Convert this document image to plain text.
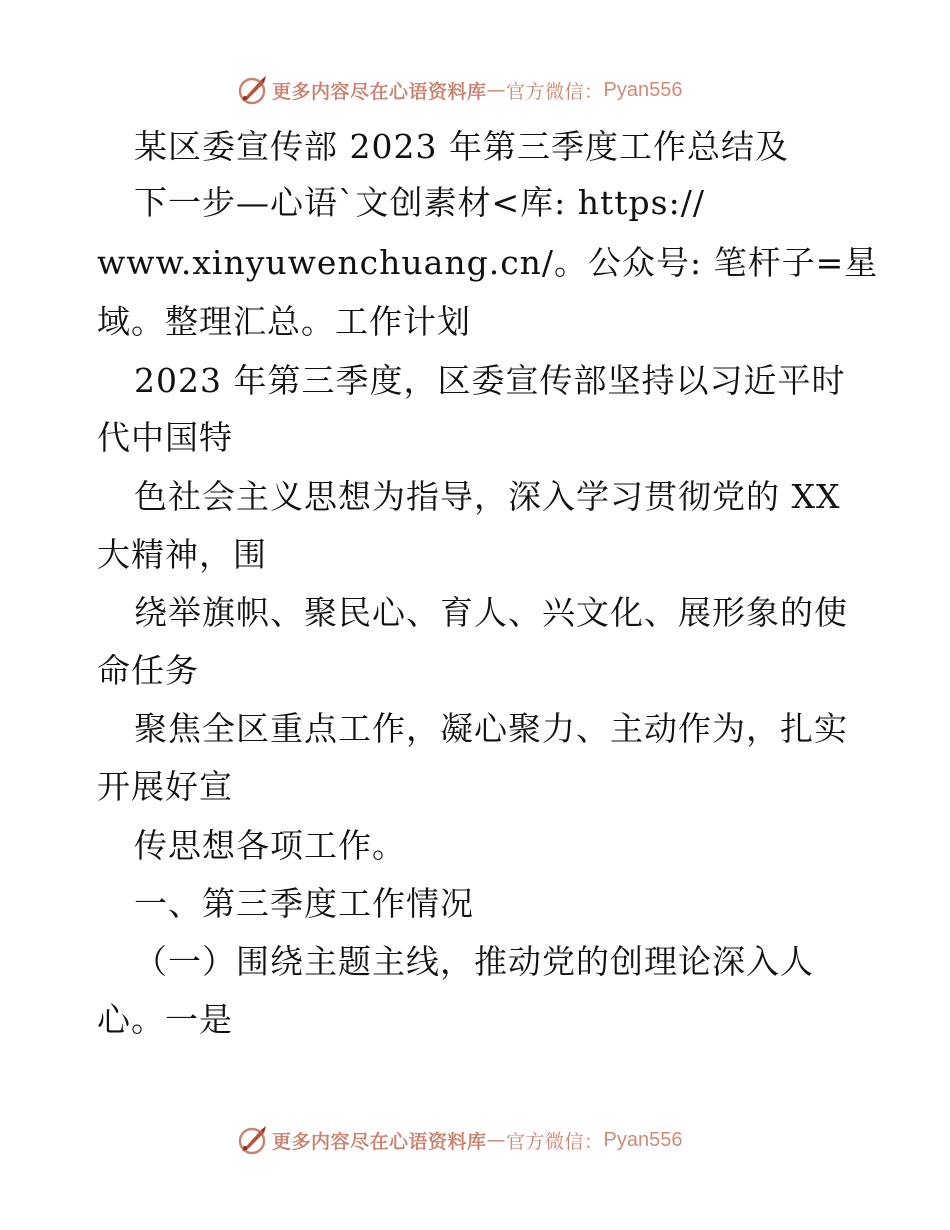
更多内容尽在心语资料库 — 官方微信： Pyan556
某区委宣传部 2023 年第三季度工作总结及
下一步—心语`文创素材<库: https://
www.xinyuwenchuang.cn/。公众号: 笔杆子=星
域。整理汇总。工作计划
2023 年第三季度，区委宣传部坚持以习近平时
代中国特
色社会主义思想为指导，深入学习贯彻党的 XX
大精神，围
绕举旗帜、聚民心、育人、兴文化、展形象的使
命任务
聚焦全区重点工作，凝心聚力、主动作为，扎实
开展好宣
传思想各项工作。
一、第三季度工作情况
（一）围绕主题主线，推动党的创理论深入人
心。一是
更多内容尽在心语资料库 — 官方微信： Pyan556
